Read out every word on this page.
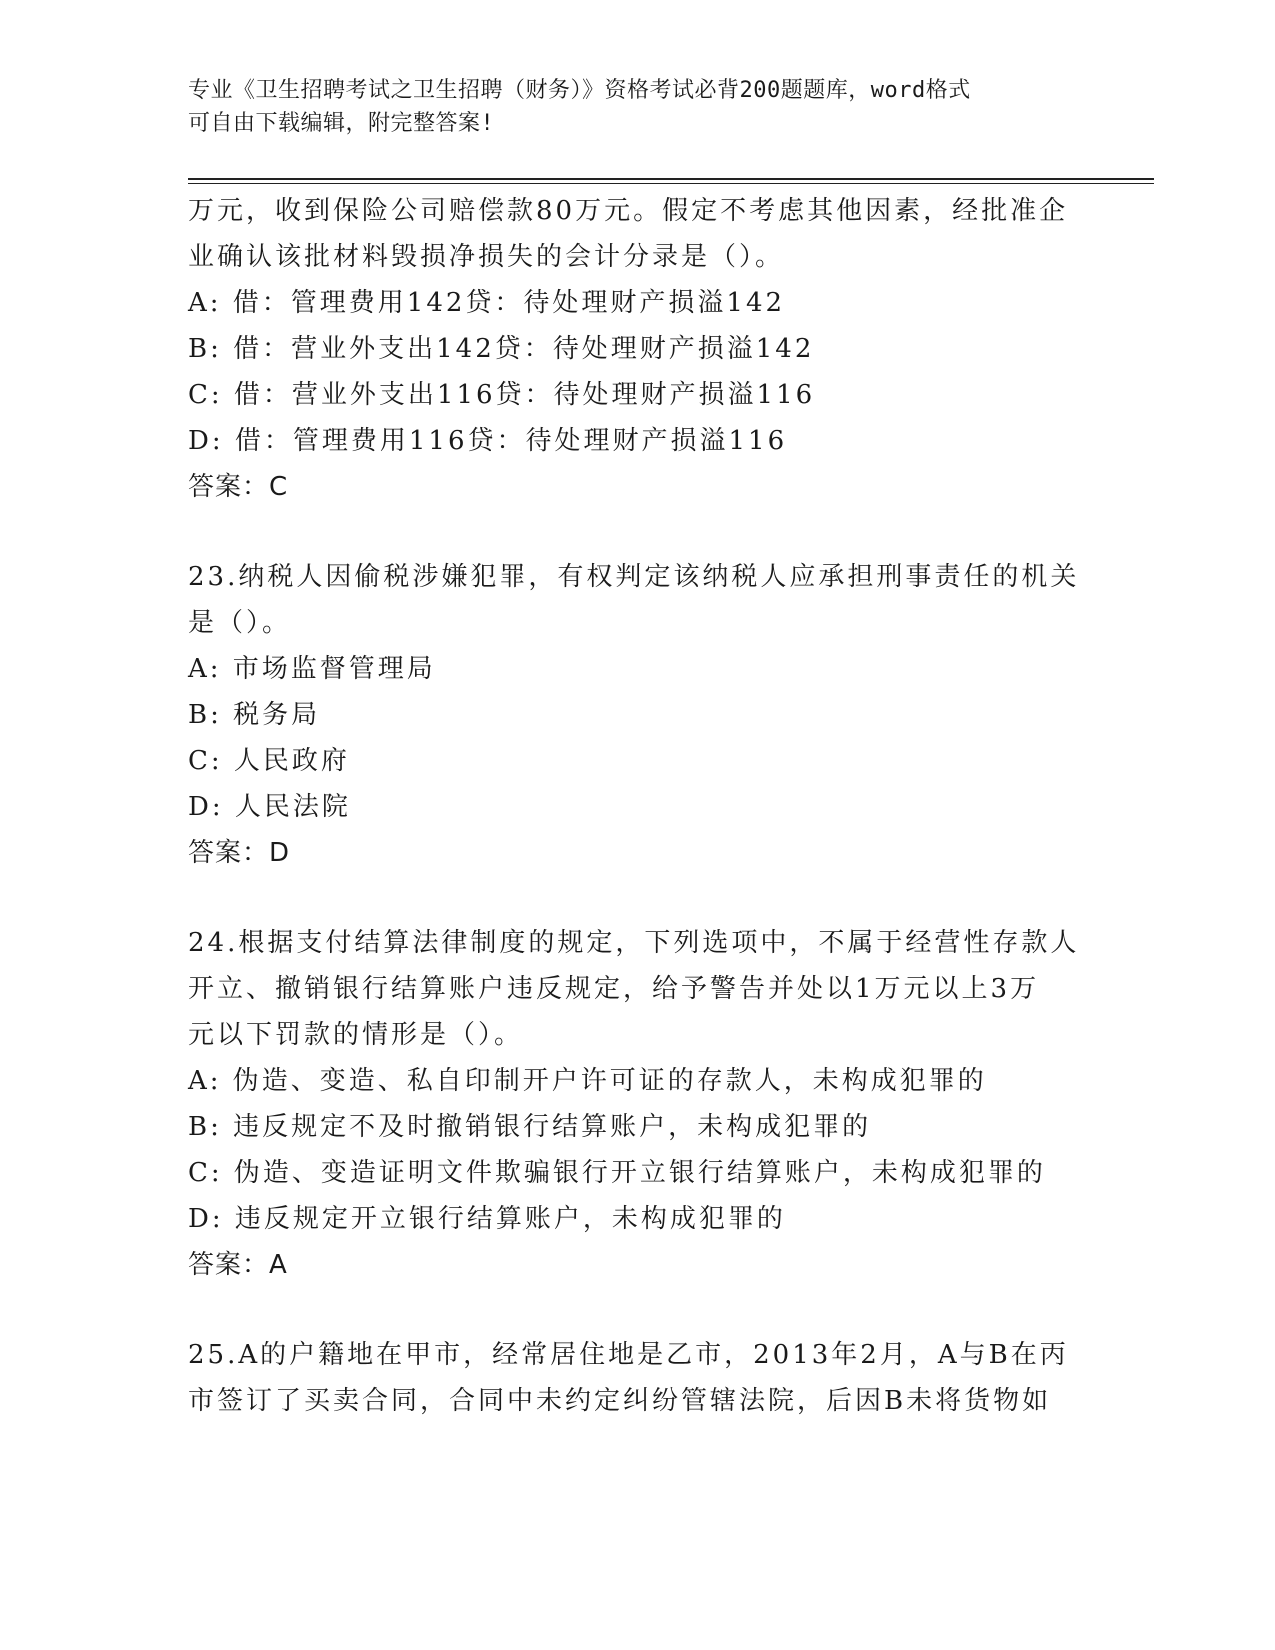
专业《卫生招聘考试之卫生招聘（财务）》资格考试必背200题题库，word格式
可自由下载编辑，附完整答案!
万元，收到保险公司赔偿款80万元。假定不考虑其他因素，经批准企
业确认该批材料毁损净损失的会计分录是（）。
A: 借：管理费用142贷：待处理财产损溢142
B: 借：营业外支出142贷：待处理财产损溢142
C: 借：营业外支出116贷：待处理财产损溢116
D: 借：管理费用116贷：待处理财产损溢116
答案：C
23.纳税人因偷税涉嫌犯罪，有权判定该纳税人应承担刑事责任的机关
是（）。
A: 市场监督管理局
B: 税务局
C: 人民政府
D: 人民法院
答案：D
24.根据支付结算法律制度的规定，下列选项中，不属于经营性存款人
开立、撤销银行结算账户违反规定，给予警告并处以1万元以上3万
元以下罚款的情形是（）。
A: 伪造、变造、私自印制开户许可证的存款人，未构成犯罪的
B: 违反规定不及时撤销银行结算账户，未构成犯罪的
C: 伪造、变造证明文件欺骗银行开立银行结算账户，未构成犯罪的
D: 违反规定开立银行结算账户，未构成犯罪的
答案：A
25.A的户籍地在甲市，经常居住地是乙市，2013年2月，A与B在丙
市签订了买卖合同，合同中未约定纠纷管辖法院，后因B未将货物如
